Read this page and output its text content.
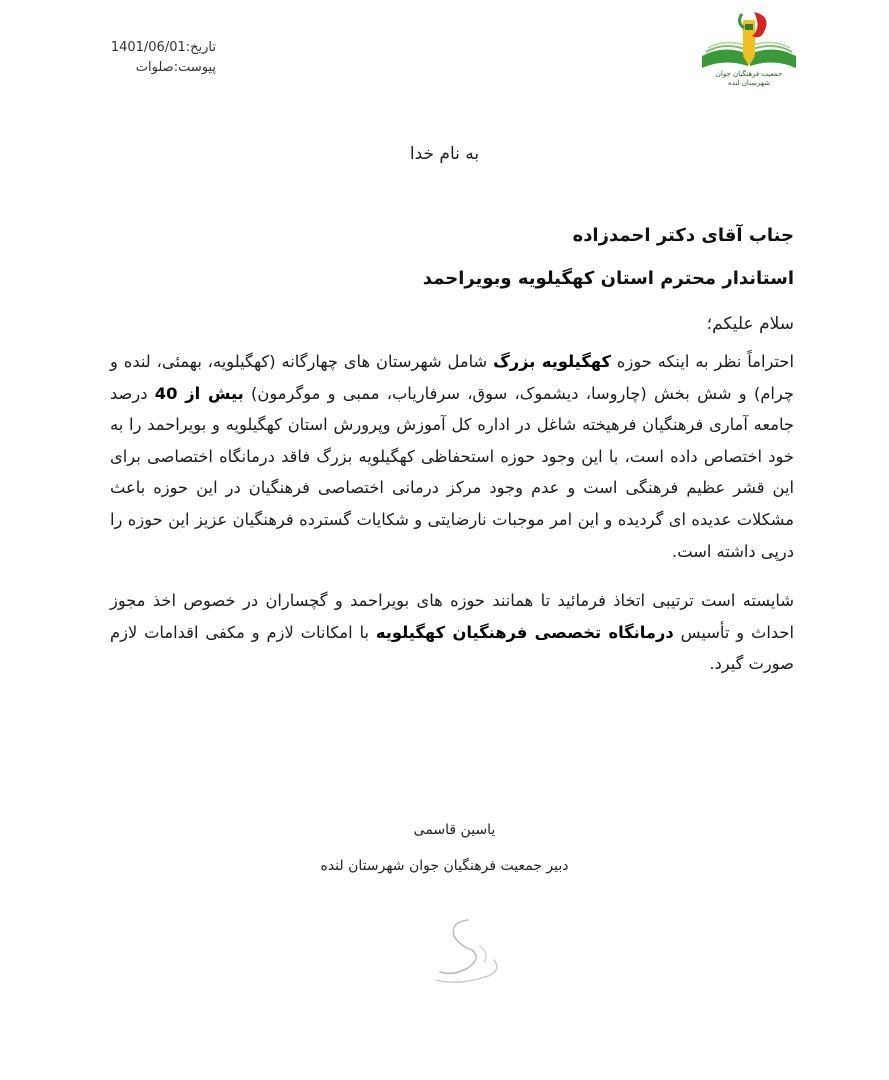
تاریخ:1401/06/01
پیوست:صلوات	جمعیت فرهنگیان جوان
شهرستان لنده
به نام خدا
جناب آقای دکتر احمدزاده
استاندار محترم استان کهگیلویه وبویراحمد
سلام علیکم؛
احتراماً نظر به اینکه حوزه کهگیلویه بزرگ شامل شهرستان های چهارگانه (کهگیلویه، بهمئی، لنده و چرام) و شش بخش (چاروسا، دیشموک، سوق، سرفاریاب، ممبی و موگرمون) بیش از 40 درصد جامعه آماری فرهنگیان فرهیخته شاغل در اداره کل آموزش وپرورش استان کهگیلویه و بویراحمد را به خود اختصاص داده است، با این وجود حوزه استحفاظی کهگیلویه بزرگ فاقد درمانگاه اختصاصی برای این قشر عظیم فرهنگی است و عدم وجود مرکز درمانی اختصاصی فرهنگیان در این حوزه باعث مشکلات عدیده ای گردیده و این امر موجبات نارضایتی و شکایات گسترده فرهنگیان عزیز این حوزه را درپی داشته است.
شایسته است ترتیبی اتخاذ فرمائید تا همانند حوزه های بویراحمد و گچساران در خصوص اخذ مجوز احداث و تأسیس درمانگاه تخصصی فرهنگیان کهگیلویه با امکانات لازم و مکفی اقدامات لازم صورت گیرد.
یاسین قاسمی
دبیر جمعیت فرهنگیان جوان شهرستان لنده
